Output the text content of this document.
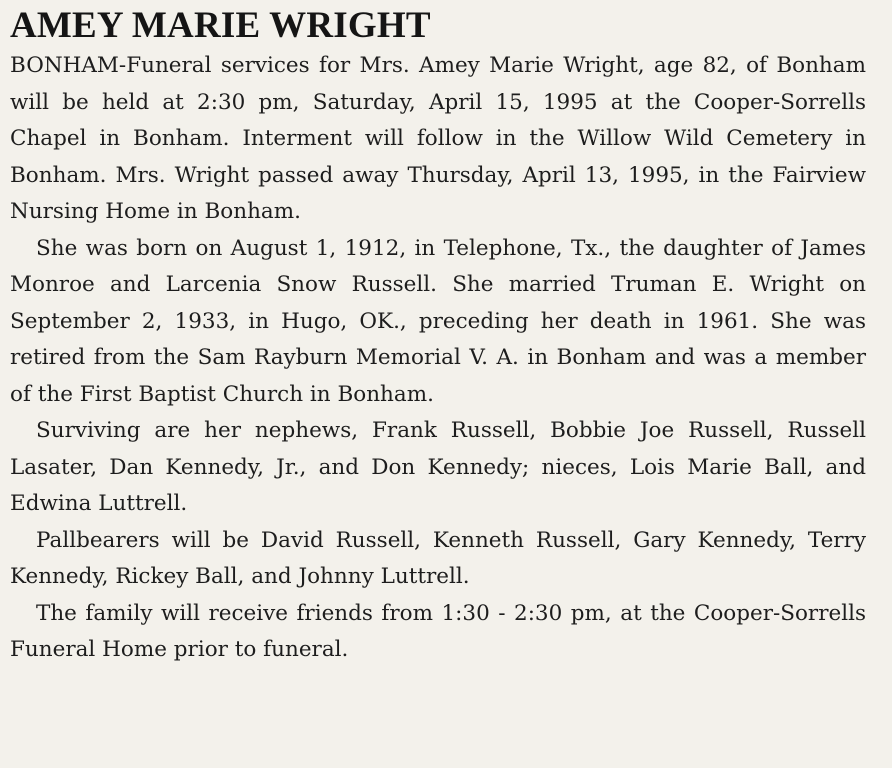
AMEY MARIE WRIGHT

BONHAM-Funeral services for Mrs. Amey Marie Wright, age 82, of Bonham will be held at 2:30 pm, Saturday, April 15, 1995 at the Cooper-Sorrells Chapel in Bonham. Interment will follow in the Willow Wild Cemetery in Bonham. Mrs. Wright passed away Thursday, April 13, 1995, in the Fairview Nursing Home in Bonham.

She was born on August 1, 1912, in Telephone, Tx., the daughter of James Monroe and Larcenia Snow Russell. She married Truman E. Wright on September 2, 1933, in Hugo, OK., preceding her death in 1961. She was retired from the Sam Rayburn Memorial V. A. in Bonham and was a member of the First Baptist Church in Bonham.

Surviving are her nephews, Frank Russell, Bobbie Joe Russell, Russell Lasater, Dan Kennedy, Jr., and Don Kennedy; nieces, Lois Marie Ball, and Edwina Luttrell.

Pallbearers will be David Russell, Kenneth Russell, Gary Kennedy, Terry Kennedy, Rickey Ball, and Johnny Luttrell.

The family will receive friends from 1:30 - 2:30 pm, at the Cooper-Sorrells Funeral Home prior to funeral.
